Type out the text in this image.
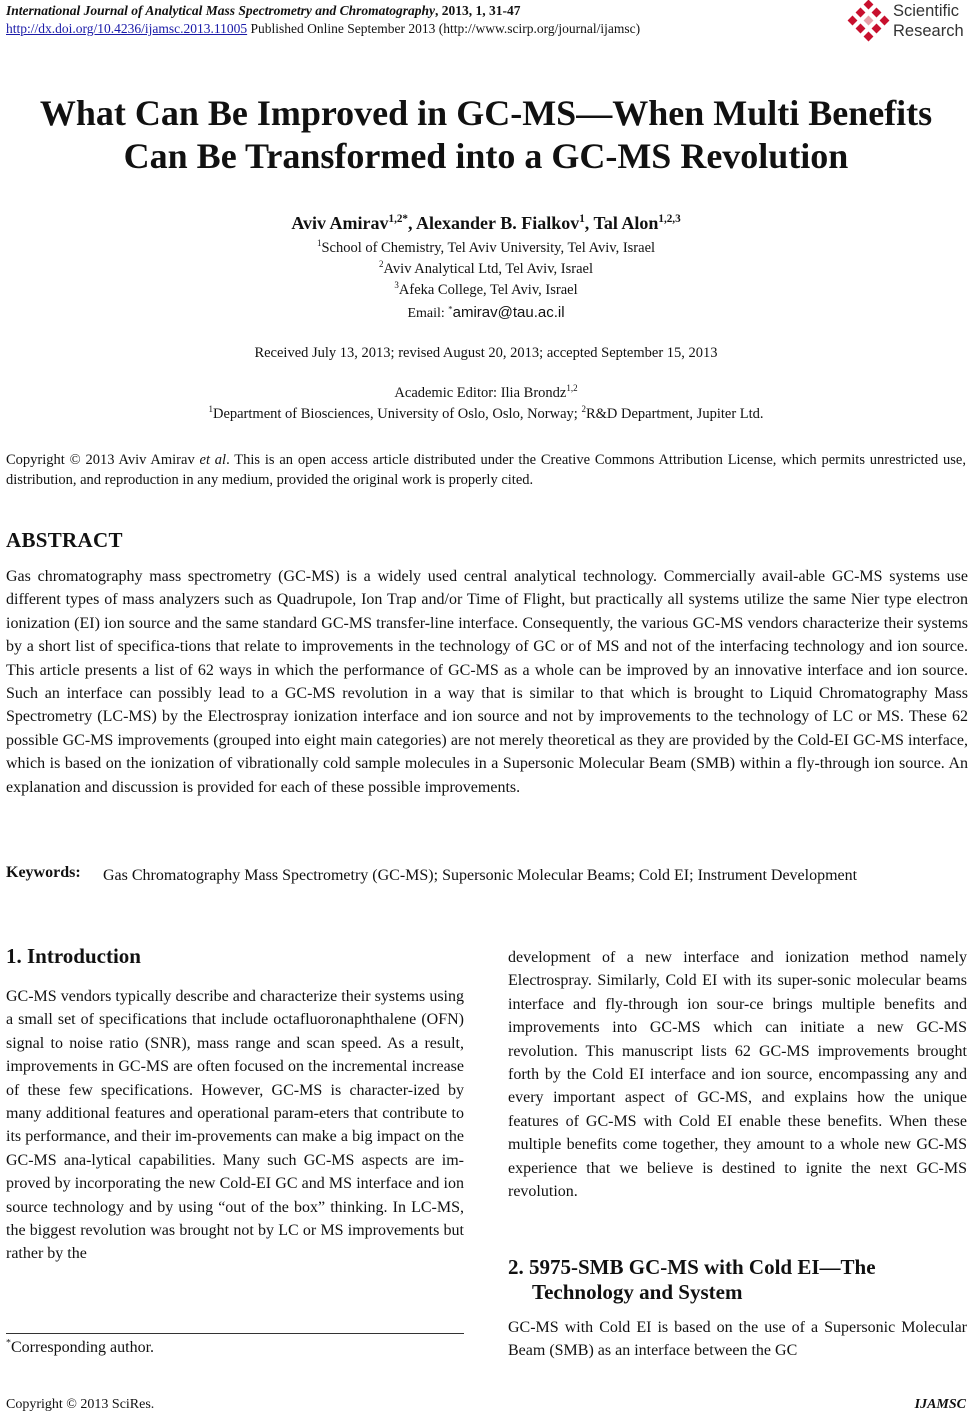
International Journal of Analytical Mass Spectrometry and Chromatography, 2013, 1, 31-47
http://dx.doi.org/10.4236/ijamsc.2013.11005 Published Online September 2013 (http://www.scirp.org/journal/ijamsc)
Scientific
Research
What Can Be Improved in GC-MS—When Multi Benefits
Can Be Transformed into a GC-MS Revolution
Aviv Amirav$^{1,2*}$, Alexander B. Fialkov$^1$, Tal Alon$^{1,2,3}$
$^1$School of Chemistry, Tel Aviv University, Tel Aviv, Israel
$^2$Aviv Analytical Ltd, Tel Aviv, Israel
$^3$Afeka College, Tel Aviv, Israel
Email: *amirav@tau.ac.il
Received July 13, 2013; revised August 20, 2013; accepted September 15, 2013
Academic Editor: Ilia Brondz$^{1,2}$
$^1$Department of Biosciences, University of Oslo, Oslo, Norway; $^2$R&D Department, Jupiter Ltd.
Copyright © 2013 Aviv Amirav et al. This is an open access article distributed under the Creative Commons Attribution License, which permits unrestricted use, distribution, and reproduction in any medium, provided the original work is properly cited.
ABSTRACT
Gas chromatography mass spectrometry (GC-MS) is a widely used central analytical technology. Commercially avail-able GC-MS systems use different types of mass analyzers such as Quadrupole, Ion Trap and/or Time of Flight, but practically all systems utilize the same Nier type electron ionization (EI) ion source and the same standard GC-MS transfer-line interface. Consequently, the various GC-MS vendors characterize their systems by a short list of specifica-tions that relate to improvements in the technology of GC or of MS and not of the interfacing technology and ion source. This article presents a list of 62 ways in which the performance of GC-MS as a whole can be improved by an innovative interface and ion source. Such an interface can possibly lead to a GC-MS revolution in a way that is similar to that which is brought to Liquid Chromatography Mass Spectrometry (LC-MS) by the Electrospray ionization interface and ion source and not by improvements to the technology of LC or MS. These 62 possible GC-MS improvements (grouped into eight main categories) are not merely theoretical as they are provided by the Cold-EI GC-MS interface, which is based on the ionization of vibrationally cold sample molecules in a Supersonic Molecular Beam (SMB) within a fly-through ion source. An explanation and discussion is provided for each of these possible improvements.
Keywords: Gas Chromatography Mass Spectrometry (GC-MS); Supersonic Molecular Beams; Cold EI; Instrument Development
1. Introduction
GC-MS vendors typically describe and characterize their systems using a small set of specifications that include octafluoronaphthalene (OFN) signal to noise ratio (SNR), mass range and scan speed. As a result, improvements in GC-MS are often focused on the incremental increase of these few specifications. However, GC-MS is character-ized by many additional features and operational param-eters that contribute to its performance, and their im-provements can make a big impact on the GC-MS ana-lytical capabilities. Many such GC-MS aspects are im-proved by incorporating the new Cold-EI GC and MS interface and ion source technology and by using “out of the box” thinking. In LC-MS, the biggest revolution was brought not by LC or MS improvements but rather by the
development of a new interface and ionization method namely Electrospray. Similarly, Cold EI with its super-sonic molecular beams interface and fly-through ion sour-ce brings multiple benefits and improvements into GC-MS which can initiate a new GC-MS revolution. This manuscript lists 62 GC-MS improvements brought forth by the Cold EI interface and ion source, encompassing any and every important aspect of GC-MS, and explains how the unique features of GC-MS with Cold EI enable these benefits. When these multiple benefits come together, they amount to a whole new GC-MS experience that we believe is destined to ignite the next GC-MS revolution.
2. 5975-SMB GC-MS with Cold EI—The
Technology and System
GC-MS with Cold EI is based on the use of a Supersonic Molecular Beam (SMB) as an interface between the GC
*Corresponding author.
Copyright © 2013 SciRes.	IJAMSC
